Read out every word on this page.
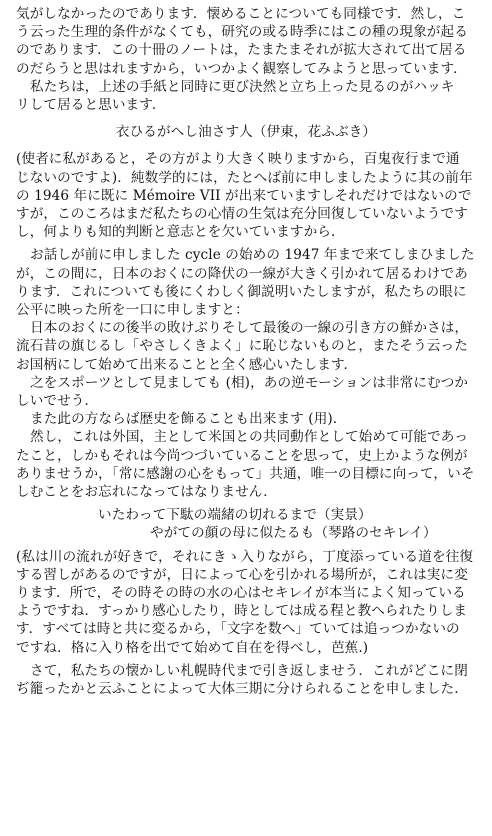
気がしなかったのであります．懐めることについても同様です．然し，こ
う云った生理的条件がなくても，研究の或る時季にはこの種の現象が起る
のであります．この十冊のノートは，たまたまそれが拡大されて出て居る
のだらうと思はれますから，いつかよく観察してみようと思っています．
私たちは，上述の手紙と同時に更び決然と立ち上った見るのがハッキ
リして居ると思います．
衣ひるがへし油さす人（伊東，花ふぶき）
(使者に私があると，その方がより大きく映りますから，百鬼夜行まで通
じないのですよ)．純数学的には，たとへば前に申しましたように其の前年
の 1946 年に既に Mémoire VII が出来ていますしそれだけではないので
すが，このころはまだ私たちの心情の生気は充分回復していないようです
し，何よりも知的判断と意志とを欠いていますから．
お話しが前に申しました cycle の始めの 1947 年まで来てしまひました
が，この間に，日本のおくにの降伏の一線が大きく引かれて居るわけであ
ります．これについても後にくわしく御説明いたしますが，私たちの眼に
公平に映った所を一口に申しますと：
日本のおくにの後半の敗けぶりそして最後の一線の引き方の鮮かさは，
流石昔の旗じるし「やさしくきよく」に恥じないものと，またそう云った
お国柄にして始めて出来ることと全く感心いたします．
之をスポーツとして見ましても (相)，あの逆モーションは非常にむつか
しいでせう．
また此の方ならば歴史を飾ることも出来ます (用)．
然し，これは外国，主として米国との共同動作として始めて可能であっ
たこと，しかもそれは今尚つづいていることを思って，史上かような例が
ありませうか，「常に感謝の心をもって」共通，唯一の目標に向って，いそ
しむことをお忘れになってはなりません．
いたわって下駄の端緒の切れるまで（実景）
やがての顔の母に似たるも（琴路のセキレイ）
(私は川の流れが好きで，それにきゝ入りながら，丁度添っている道を往復
する習しがあるのですが，日によって心を引かれる場所が，これは実に変
ります．所で，その時その時の水の心はセキレイが本当によく知っている
ようですね．すっかり感心したり，時としては成る程と教へられたりしま
す．すべては時と共に変るから，「文字を数へ」ていては追っつかないの
ですね．格に入り格を出でて始めて自在を得べし，芭蕉.)
さて，私たちの懐かしい札幌時代まで引き返しませう．これがどこに閉
ぢ籠ったかと云ふことによって大体三期に分けられることを申しました.
